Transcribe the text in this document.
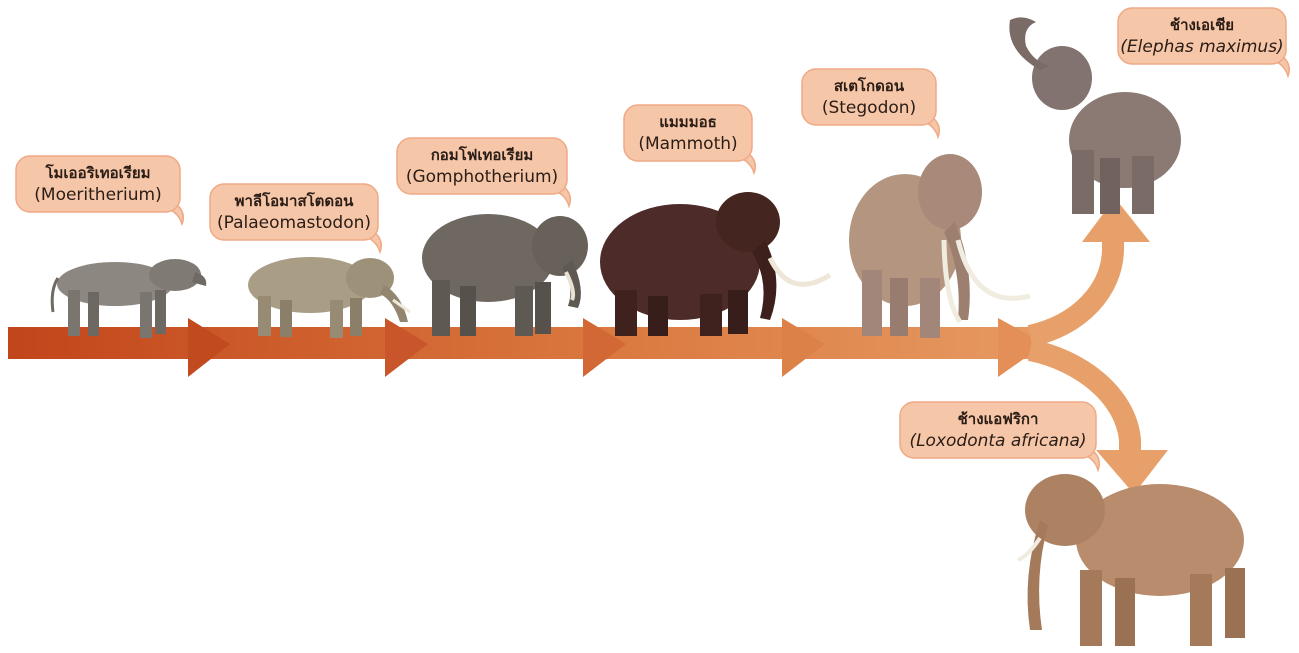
โมเออริเทอเรียม
(Moeritherium)	พาลีโอมาสโตดอน
(Palaeomastodon)
กอมโฟเทอเรียม
(Gomphotherium)
แมมมอธ
(Mammoth)
สเตโกดอน
(Stegodon)
ช้างเอเชีย
(Elephas maximus)
ช้างแอฟริกา
(Loxodonta africana)
